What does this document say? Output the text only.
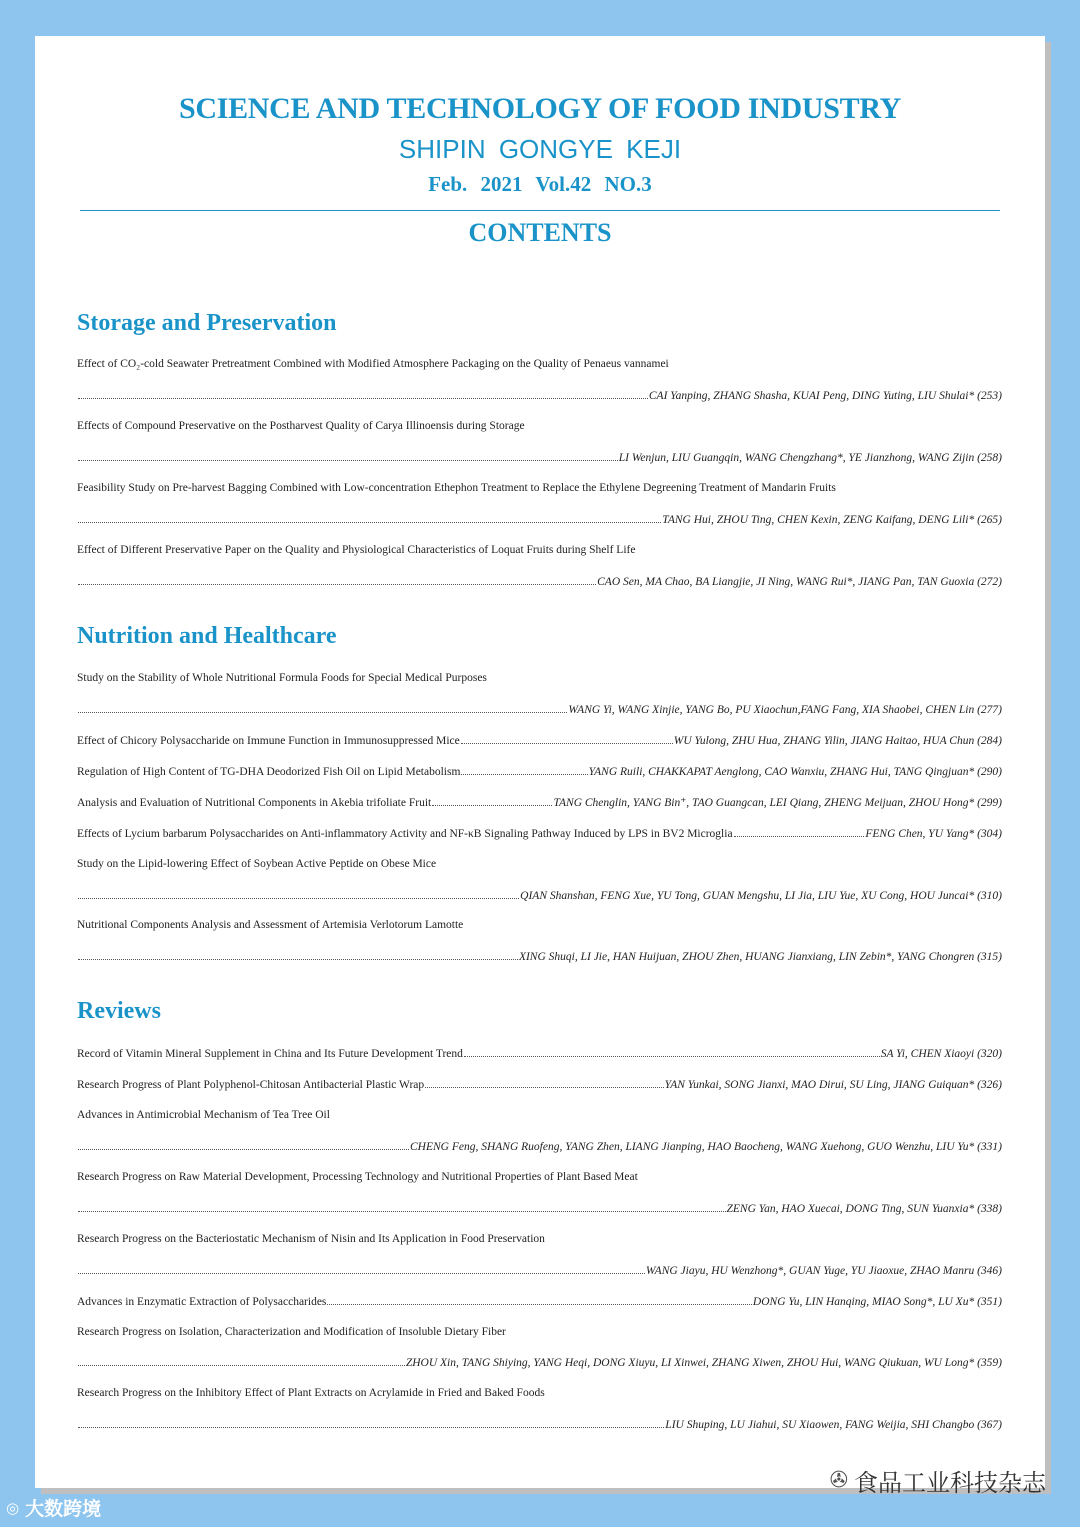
SCIENCE AND TECHNOLOGY OF FOOD INDUSTRY
SHIPIN GONGYE KEJI
Feb. 2021 Vol.42 NO.3
CONTENTS
Storage and Preservation
Effect of CO₂-cold Seawater Pretreatment Combined with Modified Atmosphere Packaging on the Quality of Penaeus vannamei
CAI Yanping, ZHANG Shasha, KUAI Peng, DING Yuting, LIU Shulai* (253)
Effects of Compound Preservative on the Postharvest Quality of Carya Illinoensis during Storage
LI Wenjun, LIU Guangqin, WANG Chengzhang*, YE Jianzhong, WANG Zijin (258)
Feasibility Study on Pre-harvest Bagging Combined with Low-concentration Ethephon Treatment to Replace the Ethylene Degreening Treatment of Mandarin Fruits
TANG Hui, ZHOU Ting, CHEN Kexin, ZENG Kaifang, DENG Lili* (265)
Effect of Different Preservative Paper on the Quality and Physiological Characteristics of Loquat Fruits during Shelf Life
CAO Sen, MA Chao, BA Liangjie, JI Ning, WANG Rui*, JIANG Pan, TAN Guoxia (272)
Nutrition and Healthcare
Study on the Stability of Whole Nutritional Formula Foods for Special Medical Purposes
WANG Yi, WANG Xinjie, YANG Bo, PU Xiaochun,FANG Fang, XIA Shaobei, CHEN Lin (277)
Effect of Chicory Polysaccharide on Immune Function in Immunosuppressed Mice	WU Yulong, ZHU Hua, ZHANG Yilin, JIANG Haitao, HUA Chun (284)
Regulation of High Content of TG-DHA Deodorized Fish Oil on Lipid Metabolism	YANG Ruili, CHAKKAPAT Aenglong, CAO Wanxiu, ZHANG Hui, TANG Qingjuan* (290)
Analysis and Evaluation of Nutritional Components in Akebia trifoliate Fruit	TANG Chenglin, YANG Bin⁺, TAO Guangcan, LEI Qiang, ZHENG Meijuan, ZHOU Hong* (299)
Effects of Lycium barbarum Polysaccharides on Anti-inflammatory Activity and NF-κB Signaling Pathway Induced by LPS in BV2 Microglia	FENG Chen, YU Yang* (304)
Study on the Lipid-lowering Effect of Soybean Active Peptide on Obese Mice
QIAN Shanshan, FENG Xue, YU Tong, GUAN Mengshu, LI Jia, LIU Yue, XU Cong, HOU Juncai* (310)
Nutritional Components Analysis and Assessment of Artemisia Verlotorum Lamotte
XING Shuqi, LI Jie, HAN Huijuan, ZHOU Zhen, HUANG Jianxiang, LIN Zebin*, YANG Chongren (315)
Reviews
Record of Vitamin Mineral Supplement in China and Its Future Development Trend	SA Yi, CHEN Xiaoyi (320)
Research Progress of Plant Polyphenol-Chitosan Antibacterial Plastic Wrap	YAN Yunkai, SONG Jianxi, MAO Dirui, SU Ling, JIANG Guiquan* (326)
Advances in Antimicrobial Mechanism of Tea Tree Oil
CHENG Feng, SHANG Ruofeng, YANG Zhen, LIANG Jianping, HAO Baocheng, WANG Xuehong, GUO Wenzhu, LIU Yu* (331)
Research Progress on Raw Material Development, Processing Technology and Nutritional Properties of Plant Based Meat
ZENG Yan, HAO Xuecai, DONG Ting, SUN Yuanxia* (338)
Research Progress on the Bacteriostatic Mechanism of Nisin and Its Application in Food Preservation
WANG Jiayu, HU Wenzhong*, GUAN Yuge, YU Jiaoxue, ZHAO Manru (346)
Advances in Enzymatic Extraction of Polysaccharides	DONG Yu, LIN Hanqing, MIAO Song*, LU Xu* (351)
Research Progress on Isolation, Characterization and Modification of Insoluble Dietary Fiber
ZHOU Xin, TANG Shiying, YANG Heqi, DONG Xiuyu, LI Xinwei, ZHANG Xiwen, ZHOU Hui, WANG Qiukuan, WU Long* (359)
Research Progress on the Inhibitory Effect of Plant Extracts on Acrylamide in Fried and Baked Foods
LIU Shuping, LU Jiahui, SU Xiaowen, FANG Weijia, SHI Changbo (367)
✇ 食品工业科技杂志
◎ 大数跨境
